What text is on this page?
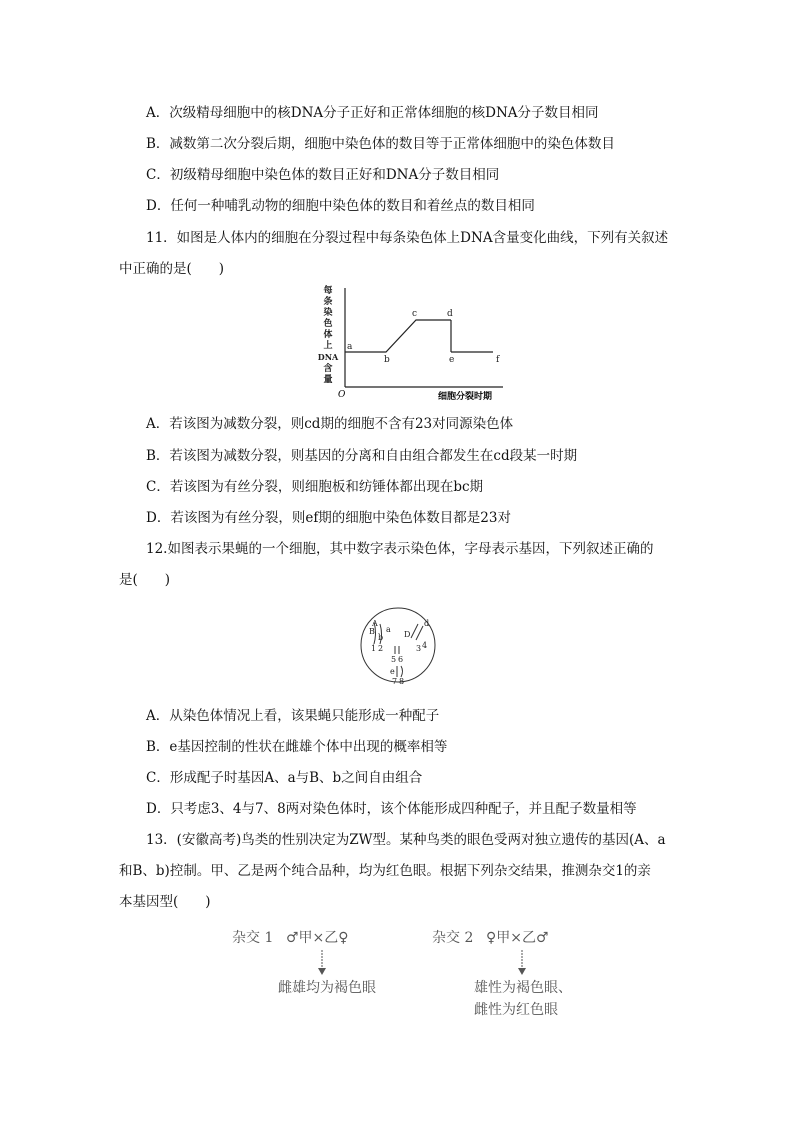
A．次级精母细胞中的核DNA分子正好和正常体细胞的核DNA分子数目相同
B．减数第二次分裂后期，细胞中染色体的数目等于正常体细胞中的染色体数目
C．初级精母细胞中染色体的数目正好和DNA分子数目相同
D．任何一种哺乳动物的细胞中染色体的数目和着丝点的数目相同
11．如图是人体内的细胞在分裂过程中每条染色体上DNA含量变化曲线，下列有关叙述
中正确的是(　　)
每
条
染
色
体
上
DNA
含
量
O	细胞分裂时期
a
b
c	d
e	f
A．若该图为减数分裂，则cd期的细胞不含有23对同源染色体
B．若该图为减数分裂，则基因的分离和自由组合都发生在cd段某一时期
C．若该图为有丝分裂，则细胞板和纺锤体都出现在bc期
D．若该图为有丝分裂，则ef期的细胞中染色体数目都是23对
12.如图表示果蝇的一个细胞，其中数字表示染色体，字母表示基因，下列叙述正确的
是(　　)
A
B a
b
1 2
D
d
3 4
5 6
e
7 8
A．从染色体情况上看，该果蝇只能形成一种配子
B．e基因控制的性状在雌雄个体中出现的概率相等
C．形成配子时基因A、a与B、b之间自由组合
D．只考虑3、4与7、8两对染色体时，该个体能形成四种配子，并且配子数量相等
13．(安徽高考)鸟类的性别决定为ZW型。某种鸟类的眼色受两对独立遗传的基因(A、a
和B、b)控制。甲、乙是两个纯合品种，均为红色眼。根据下列杂交结果，推测杂交1的亲
本基因型(　　)
杂交 1 ♂甲×乙♀	杂交 2 ♀甲×乙♂
雌雄均为褐色眼	雄性为褐色眼、
雌性为红色眼
